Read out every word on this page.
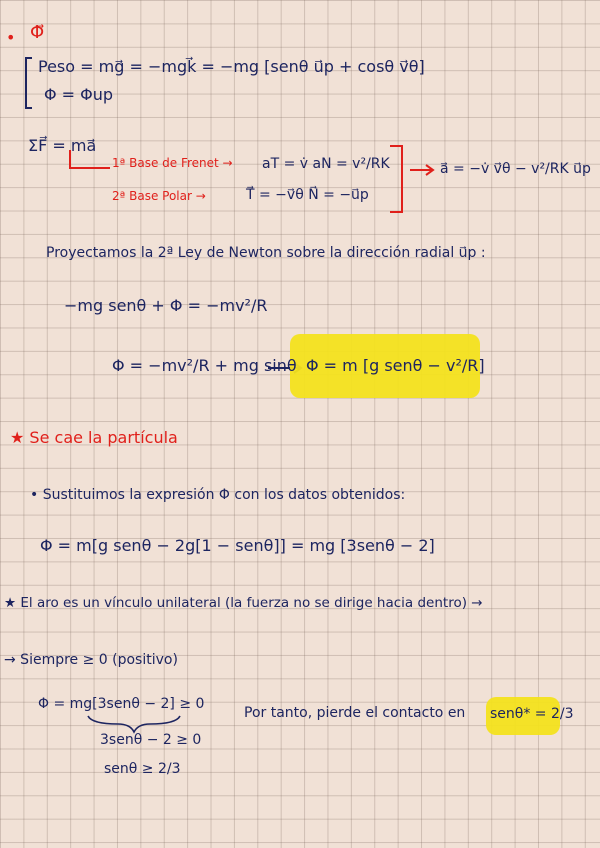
• Φ⃗
Peso = mg⃗ = −mgk⃗ = −mg [senθ u⃗p + cosθ v⃗θ]
Φ = Φup
ΣF⃗ = ma⃗
1ª Base de Frenet → aT = v̇ aN = v²/RK
2ª Base Polar →	T⃗ = −v⃗θ N⃗ = −u⃗p
a⃗ = −v̇ v⃗θ − v²/RK u⃗p
Proyectamos la 2ª Ley de Newton sobre la dirección radial u⃗p :
−mg senθ + Φ = −mv²/R
Φ = −mv²/R + mg sinθ Φ = m [g senθ − v²/R]
★ Se cae la partícula
• Sustituimos la expresión Φ con los datos obtenidos:
Φ = m[g senθ − 2g[1 − senθ]] = mg [3senθ − 2]
★ El aro es un vínculo unilateral (la fuerza no se dirige hacia dentro) →
→ Siempre ≥ 0 (positivo)
Φ = mg[3senθ − 2] ≥ 0
3senθ − 2 ≥ 0
senθ ≥ 2/3
Por tanto, pierde el contacto en senθ* = 2/3
